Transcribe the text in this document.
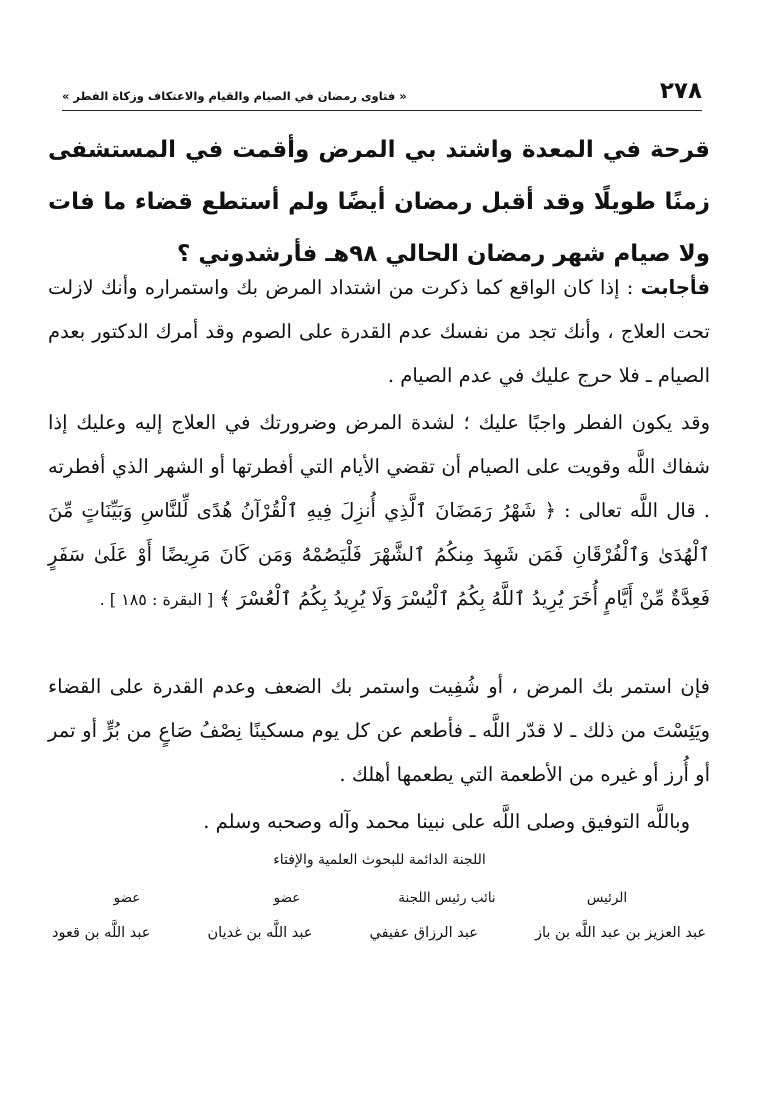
٢٧٨
« فتاوى رمضان في الصيام والقيام والاعتكاف وزكاة الفطر »
قرحة في المعدة واشتد بي المرض وأقمت في المستشفى زمنًا طويلًا وقد أقبل رمضان أيضًا ولم أستطع قضاء ما فات ولا صيام شهر رمضان الحالي ٩٨هـ فأرشدوني ؟
فأجابت : إذا كان الواقع كما ذكرت من اشتداد المرض بك واستمراره وأنك لازلت تحت العلاج ، وأنك تجد من نفسك عدم القدرة على الصوم وقد أمرك الدكتور بعدم الصيام ـ فلا حرج عليك في عدم الصيام .
وقد يكون الفطر واجبًا عليك ؛ لشدة المرض وضرورتك في العلاج إليه وعليك إذا شفاك اللَّه وقويت على الصيام أن تقضي الأيام التي أفطرتها أو الشهر الذي أفطرته . قال اللَّه تعالى : ﴿ شَهْرُ رَمَضَانَ ٱلَّذِي أُنزِلَ فِيهِ ٱلْقُرْآنُ هُدًى لِّلنَّاسِ وَبَيِّنَاتٍ مِّنَ ٱلْهُدَىٰ وَٱلْفُرْقَانِ فَمَن شَهِدَ مِنكُمُ ٱلشَّهْرَ فَلْيَصُمْهُ وَمَن كَانَ مَرِيضًا أَوْ عَلَىٰ سَفَرٍ فَعِدَّةٌ مِّنْ أَيَّامٍ أُخَرَ يُرِيدُ ٱللَّهُ بِكُمُ ٱلْيُسْرَ وَلَا يُرِيدُ بِكُمُ ٱلْعُسْرَ ﴾ [ البقرة : ١٨٥ ] .
فإن استمر بك المرض ، أو شُفِيت واستمر بك الضعف وعدم القدرة على القضاء ويَئِسْتَ من ذلك ـ لا قدّر اللَّه ـ فأطعم عن كل يوم مسكينًا نِصْفُ صَاعٍ من بُرٍّ أو تمر أو أُرز أو غيره من الأطعمة التي يطعمها أهلك .
وباللَّه التوفيق وصلى اللَّه على نبينا محمد وآله وصحبه وسلم .
اللجنة الدائمة للبحوث العلمية والإفتاء
الرئيس
نائب رئيس اللجنة
عضو
عضو
عبد العزيز بن عبد اللَّه بن باز
عبد الرزاق عفيفي
عبد اللَّه بن غديان
عبد اللَّه بن قعود
